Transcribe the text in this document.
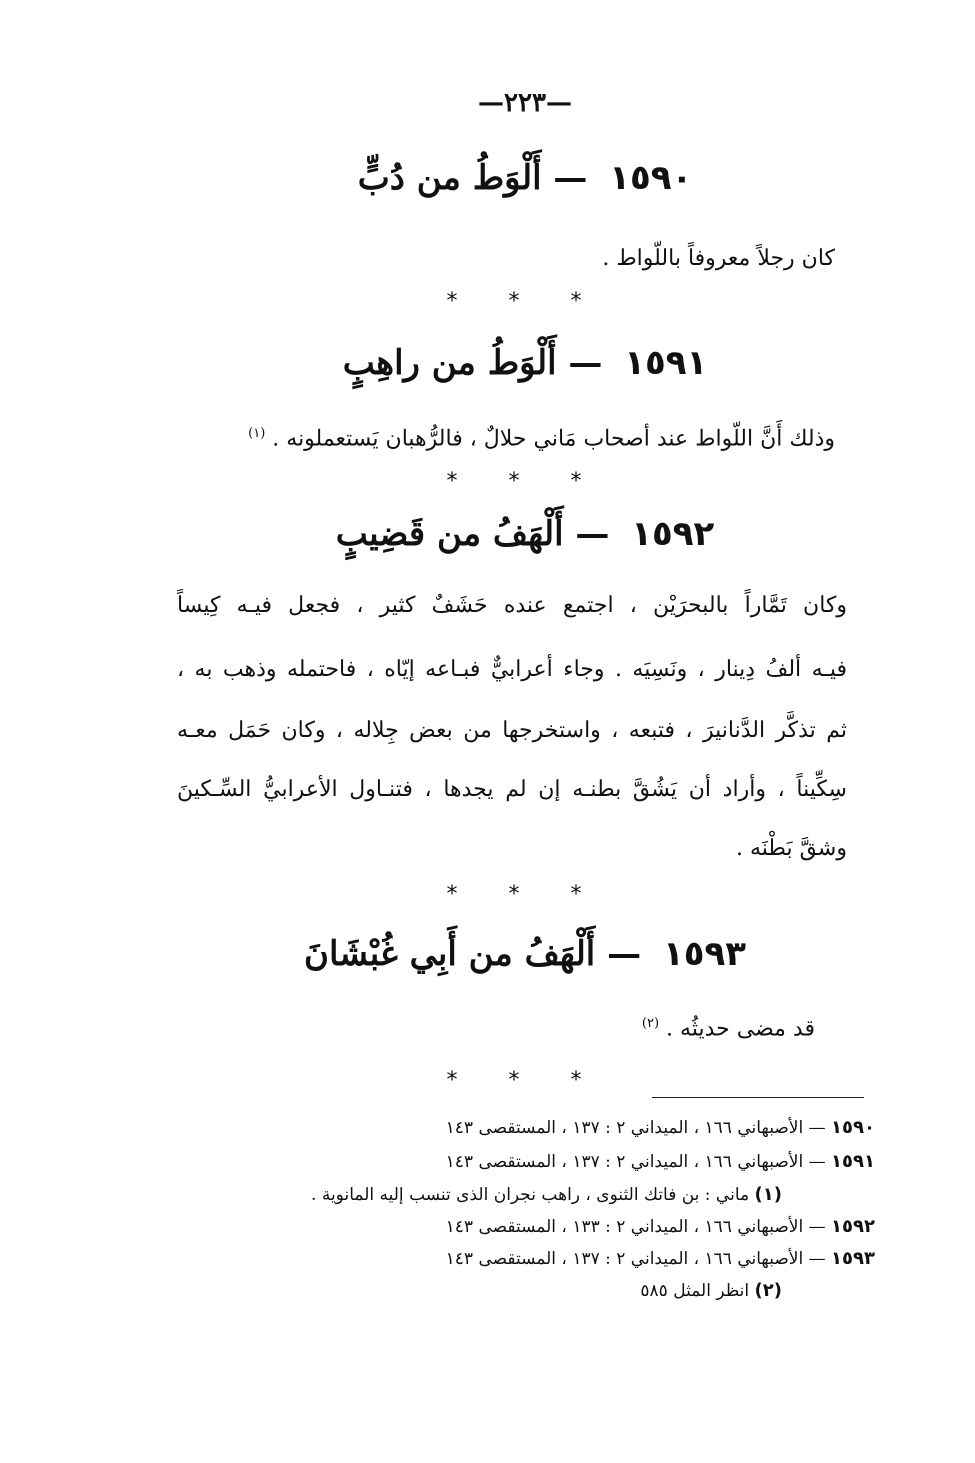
—٢٢٣—
١٥٩٠ — أَلْوَطُ من دُبٍّ
كان رجلاً معروفاً باللّواط .
* * *
١٥٩١ — أَلْوَطُ من راهِبٍ
وذلك أَنَّ اللّواط عند أصحاب مَاني حلالٌ ، فالرُّهبان يَستعملونه . $^{(١)}$
* * *
١٥٩٢ — أَلْهَفُ من قَضِيبٍ
وكان تَمَّاراً بالبحرَيْن ، اجتمع عنده حَشَفٌ كثير ، فجعل فيـه كِيساً
فيـه ألفُ دِينار ، ونَسِيَه . وجاء أعرابيٌّ فبـاعه إيّاه ، فاحتمله وذهب به ،
ثم تذكَّر الدَّنانيرَ ، فتبعه ، واستخرجها من بعض جِلاله ، وكان حَمَل معـه
سِكِّيناً ، وأراد أن يَشُقَّ بطنـه إن لم يجدها ، فتنـاول الأعرابيُّ السِّـكينَ
وشقَّ بَطْنَه .
* * *
١٥٩٣ — أَلْهَفُ من أَبِي غُبْشَانَ
قد مضى حديثُه . $^{(٢)}$
* * *
١٥٩٠ — الأصبهاني ١٦٦ ، الميداني ٢ : ١٣٧ ، المستقصى ١٤٣
١٥٩١ — الأصبهاني ١٦٦ ، الميداني ٢ : ١٣٧ ، المستقصى ١٤٣
(١) ماني : بن فاتك الثنوى ، راهب نجران الذى تنسب إليه المانوية .
١٥٩٢ — الأصبهاني ١٦٦ ، الميداني ٢ : ١٣٣ ، المستقصى ١٤٣
١٥٩٣ — الأصبهاني ١٦٦ ، الميداني ٢ : ١٣٧ ، المستقصى ١٤٣
(٢) انظر المثل ٥٨٥
